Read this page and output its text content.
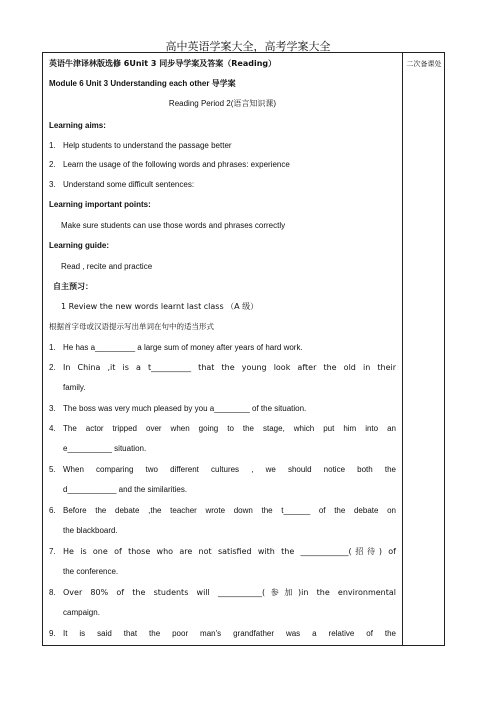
高中英语学案大全，高考学案大全
二次备课处
英语牛津译林版选修 6Unit 3 同步导学案及答案（Reading）
Module 6 Unit 3 Understanding each other 导学案
Reading Period 2(语言知识课)
Learning aims:
1. Help students to understand the passage better
2. Learn the usage of the following words and phrases: experience
3. Understand some difficult sentences:
Learning important points:
Make sure students can use those words and phrases correctly
Learning guide:
Read , recite and practice
自主预习：
1 Review the new words learnt last class （A 级）
根据首字母或汉语提示写出单词在句中的适当形式
1. He has a_________ a large sum of money after years of hard work.
2. In China ,it is a t__________ that the young look after the old in their
family.
3. The boss was very much pleased by you a________ of the situation.
4. The actor tripped over when going to the stage, which put him into an
e__________ situation.
5. When comparing two different cultures , we should notice both the
d___________ and the similarities.
6. Before the debate ,the teacher wrote down the t______ of the debate on
the blackboard.
7. He is one of those who are not satisfied with the ____________(招待) of
the conference.
8. Over 80% of the students will ___________(参加)in the environmental
campaign.
9. It is said that the poor man's grandfather was a relative of the
